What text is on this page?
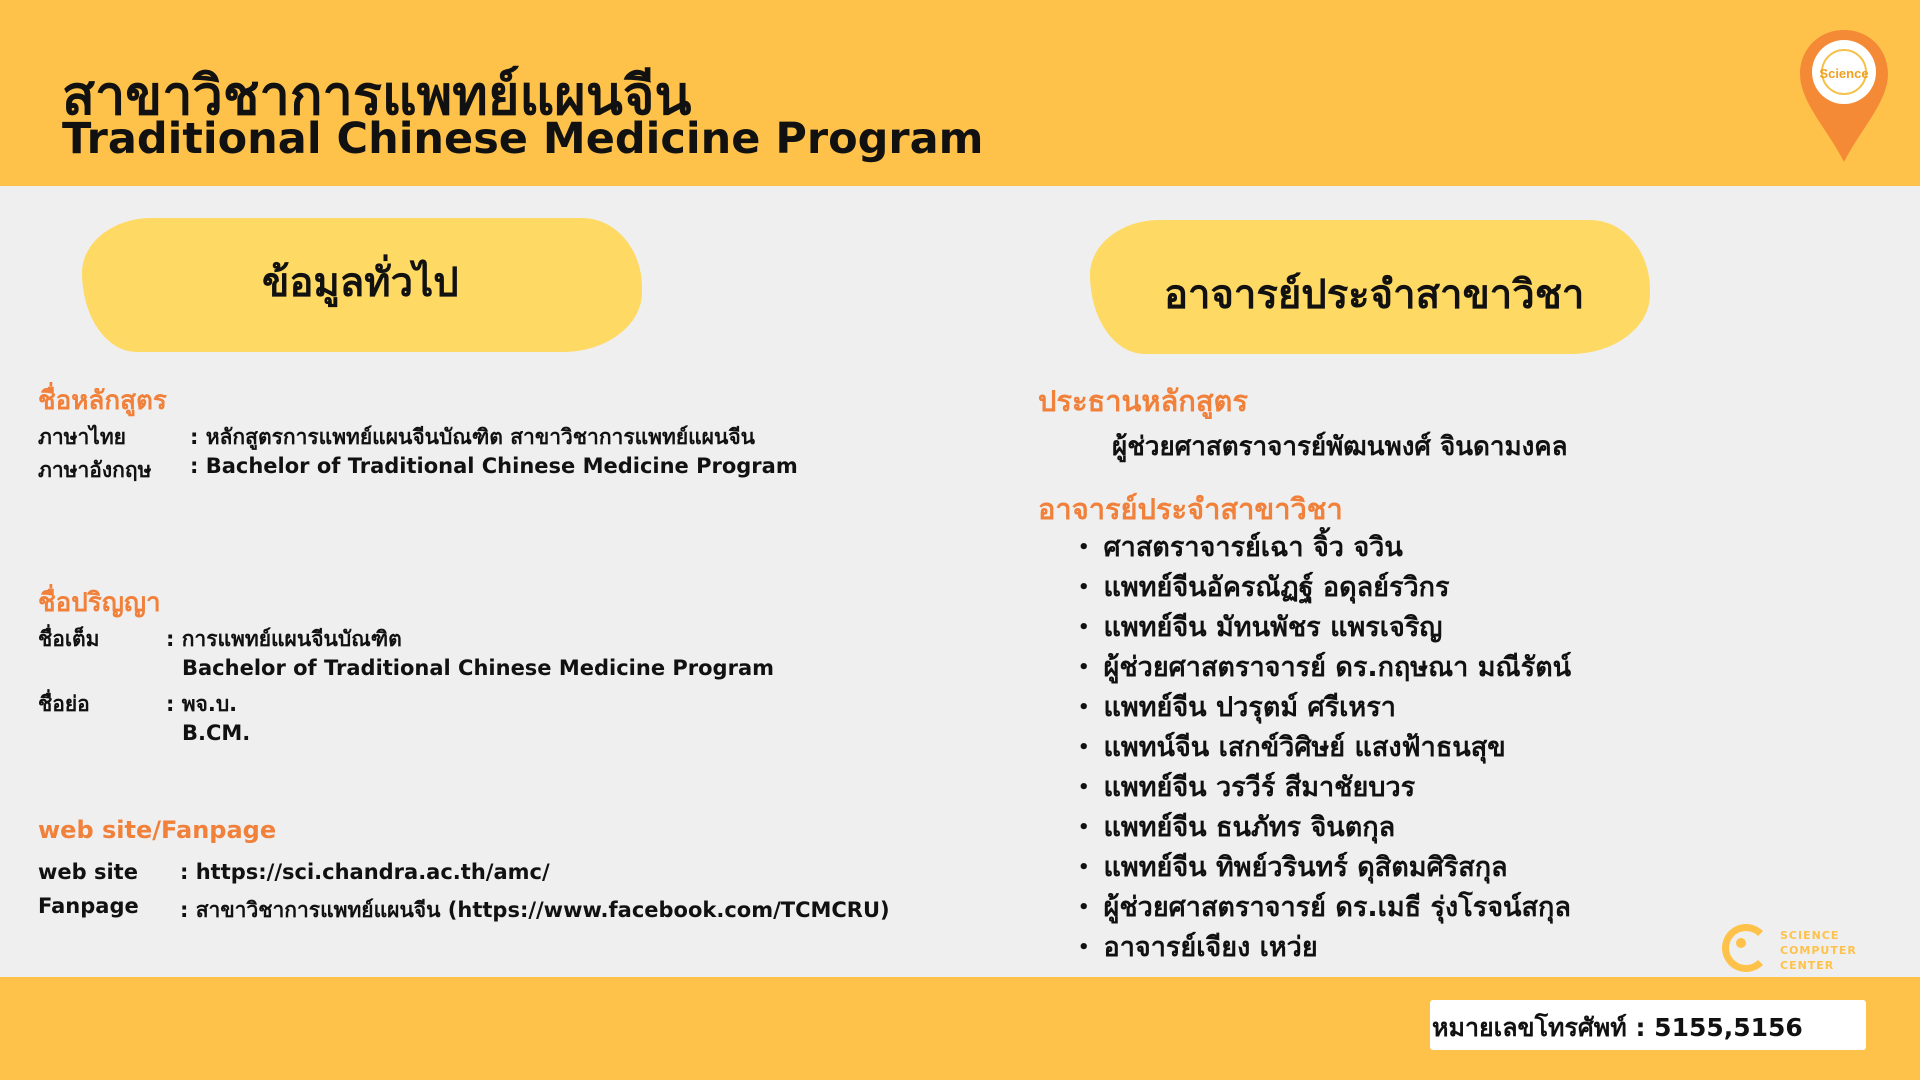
สาขาวิชาการแพทย์แผนจีน
Traditional Chinese Medicine Program
Science
ข้อมูลทั่วไป
ชื่อหลักสูตร
ภาษาไทย	: หลักสูตรการแพทย์แผนจีนบัณฑิต สาขาวิชาการแพทย์แผนจีน
ภาษาอังกฤษ : Bachelor of Traditional Chinese Medicine Program
ชื่อปริญญา
ชื่อเต็ม	: การแพทย์แผนจีนบัณฑิต
Bachelor of Traditional Chinese Medicine Program
ชื่อย่อ	: พจ.บ.
B.CM.
web site/Fanpage
web site : https://sci.chandra.ac.th/amc/
Fanpage : สาขาวิชาการแพทย์แผนจีน (https://www.facebook.com/TCMCRU)
อาจารย์ประจำสาขาวิชา
ประธานหลักสูตร
ผู้ช่วยศาสตราจารย์พัฒนพงศ์ จินดามงคล
อาจารย์ประจำสาขาวิชา
• ศาสตราจารย์เฉา จิ้ว จวิน
• แพทย์จีนอัครณัฏฐ์ อดุลย์รวิกร
• แพทย์จีน มัทนพัชร แพรเจริญ
• ผู้ช่วยศาสตราจารย์ ดร.กฤษณา มณีรัตน์
• แพทย์จีน ปวรุตม์ ศรีเหรา
• แพทน์จีน เสกข์วิศิษย์ แสงฟ้าธนสุข
• แพทย์จีน วรวีร์ สีมาชัยบวร
• แพทย์จีน ธนภัทร จินตกุล
• แพทย์จีน ทิพย์วรินทร์ ดุสิตมศิริสกุล
• ผู้ช่วยศาสตราจารย์ ดร.เมธี รุ่งโรจน์สกุล
• อาจารย์เจียง เหว่ย	SCIENCE
COMPUTER CENTER
หมายเลขโทรศัพท์ : 5155,5156
